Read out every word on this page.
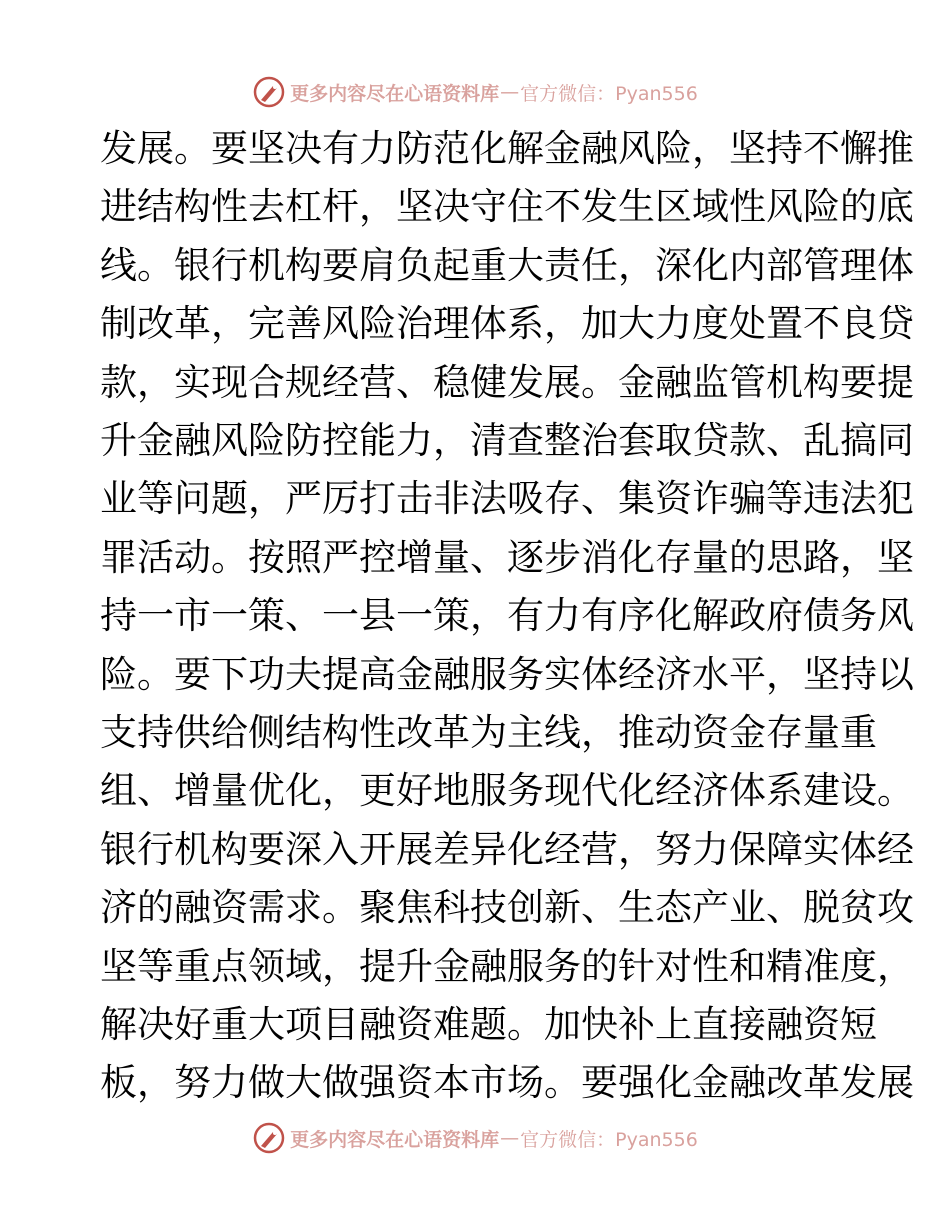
更多内容尽在心语资料库 — 官方微信：Pyan556
发 展 。 要 坚 决 有 力 防 范 化 解 金 融 风 险 ， 坚 持 不 懈 推
进 结 构 性 去 杠 杆 ， 坚 决 守 住 不 发 生 区 域 性 风 险 的 底
线 。 银 行 机 构 要 肩 负 起 重 大 责 任 ， 深 化 内 部 管 理 体
制 改 革 ， 完 善 风 险 治 理 体 系 ， 加 大 力 度 处 置 不 良 贷
款 ， 实 现 合 规 经 营 、 稳 健 发 展 。 金 融 监 管 机 构 要 提
升 金 融 风 险 防 控 能 力 ， 清 查 整 治 套 取 贷 款 、 乱 搞 同
业 等 问 题 ， 严 厉 打 击 非 法 吸 存 、 集 资 诈 骗 等 违 法 犯
罪 活 动 。 按 照 严 控 增 量 、 逐 步 消 化 存 量 的 思 路 ， 坚
持 一 市 一 策 、 一 县 一 策 ， 有 力 有 序 化 解 政 府 债 务 风
险 。 要 下 功 夫 提 高 金 融 服 务 实 体 经 济 水 平 ， 坚 持 以
支 持 供 给 侧 结 构 性 改 革 为 主 线 ， 推 动 资 金 存 量 重
组 、 增 量 优 化 ， 更 好 地 服 务 现 代 化 经 济 体 系 建 设 。
银 行 机 构 要 深 入 开 展 差 异 化 经 营 ， 努 力 保 障 实 体 经
济 的 融 资 需 求 。 聚 焦 科 技 创 新 、 生 态 产 业 、 脱 贫 攻
坚 等 重 点 领 域 ， 提 升 金 融 服 务 的 针 对 性 和 精 准 度 ，
解 决 好 重 大 项 目 融 资 难 题 。 加 快 补 上 直 接 融 资 短
板 ， 努 力 做 大 做 强 资 本 市 场 。 要 强 化 金 融 改 革 发 展
更多内容尽在心语资料库 — 官方微信：Pyan556
